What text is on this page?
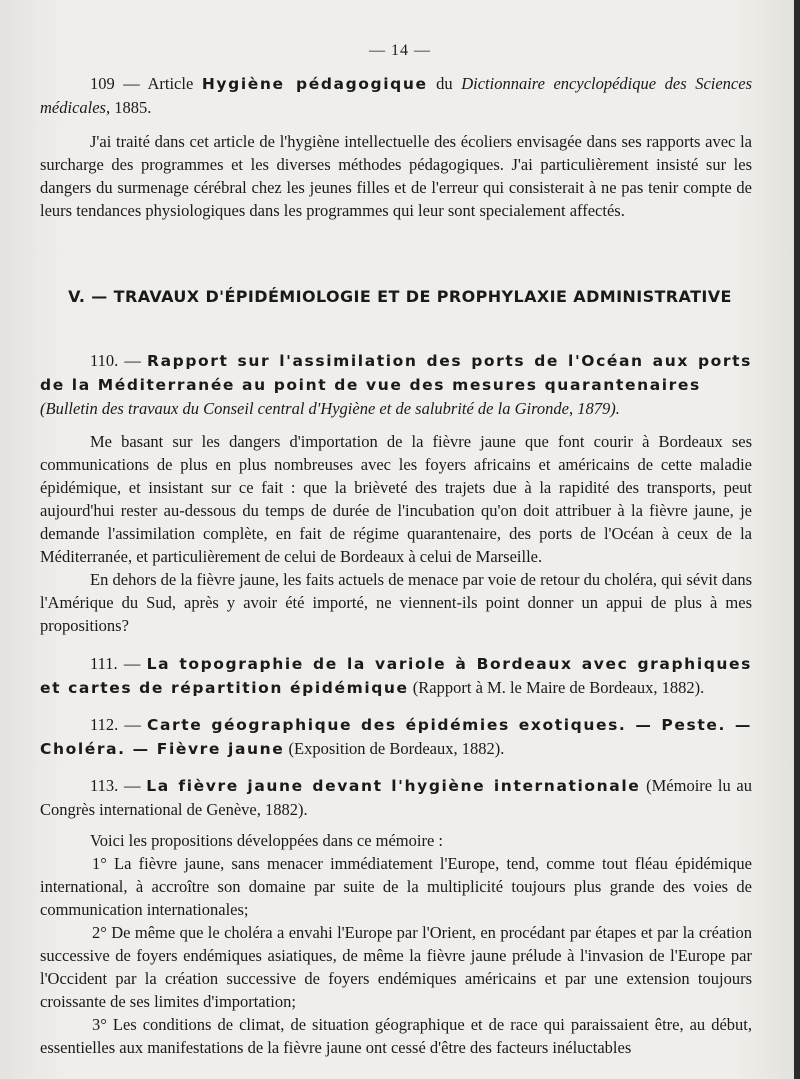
— 14 —

109 — Article Hygiène pédagogique du Dictionnaire encyclopédique des Sciences médicales, 1885.

J'ai traité dans cet article de l'hygiène intellectuelle des écoliers envisagée dans ses rapports avec la surcharge des programmes et les diverses méthodes pédagogiques. J'ai particulièrement insisté sur les dangers du surmenage cérébral chez les jeunes filles et de l'erreur qui consisterait à ne pas tenir compte de leurs tendances physiologiques dans les programmes qui leur sont specialement affectés.

V. — TRAVAUX D'ÉPIDÉMIOLOGIE ET DE PROPHYLAXIE ADMINISTRATIVE

110. — Rapport sur l'assimilation des ports de l'Océan aux ports de la Méditerranée au point de vue des mesures quarantenaires

(Bulletin des travaux du Conseil central d'Hygiène et de salubrité de la Gironde, 1879).

Me basant sur les dangers d'importation de la fièvre jaune que font courir à Bordeaux ses communications de plus en plus nombreuses avec les foyers africains et américains de cette maladie épidémique, et insistant sur ce fait : que la brièveté des trajets due à la rapidité des transports, peut aujourd'hui rester au-dessous du temps de durée de l'incubation qu'on doit attribuer à la fièvre jaune, je demande l'assimilation complète, en fait de régime quarantenaire, des ports de l'Océan à ceux de la Méditerranée, et particulièrement de celui de Bordeaux à celui de Marseille.

En dehors de la fièvre jaune, les faits actuels de menace par voie de retour du choléra, qui sévit dans l'Amérique du Sud, après y avoir été importé, ne viennent-ils point donner un appui de plus à mes propositions?

111. — La topographie de la variole à Bordeaux avec graphiques et cartes de répartition épidémique (Rapport à M. le Maire de Bordeaux, 1882).

112. — Carte géographique des épidémies exotiques. — Peste. — Choléra. — Fièvre jaune (Exposition de Bordeaux, 1882).

113. — La fièvre jaune devant l'hygiène internationale (Mémoire lu au Congrès international de Genève, 1882).

Voici les propositions développées dans ce mémoire :

1° La fièvre jaune, sans menacer immédiatement l'Europe, tend, comme tout fléau épidémique international, à accroître son domaine par suite de la multiplicité toujours plus grande des voies de communication internationales;

2° De même que le choléra a envahi l'Europe par l'Orient, en procédant par étapes et par la création successive de foyers endémiques asiatiques, de même la fièvre jaune prélude à l'invasion de l'Europe par l'Occident par la création successive de foyers endémiques américains et par une extension toujours croissante de ses limites d'importation;

3° Les conditions de climat, de situation géographique et de race qui paraissaient être, au début, essentielles aux manifestations de la fièvre jaune ont cessé d'être des facteurs inéluctables
